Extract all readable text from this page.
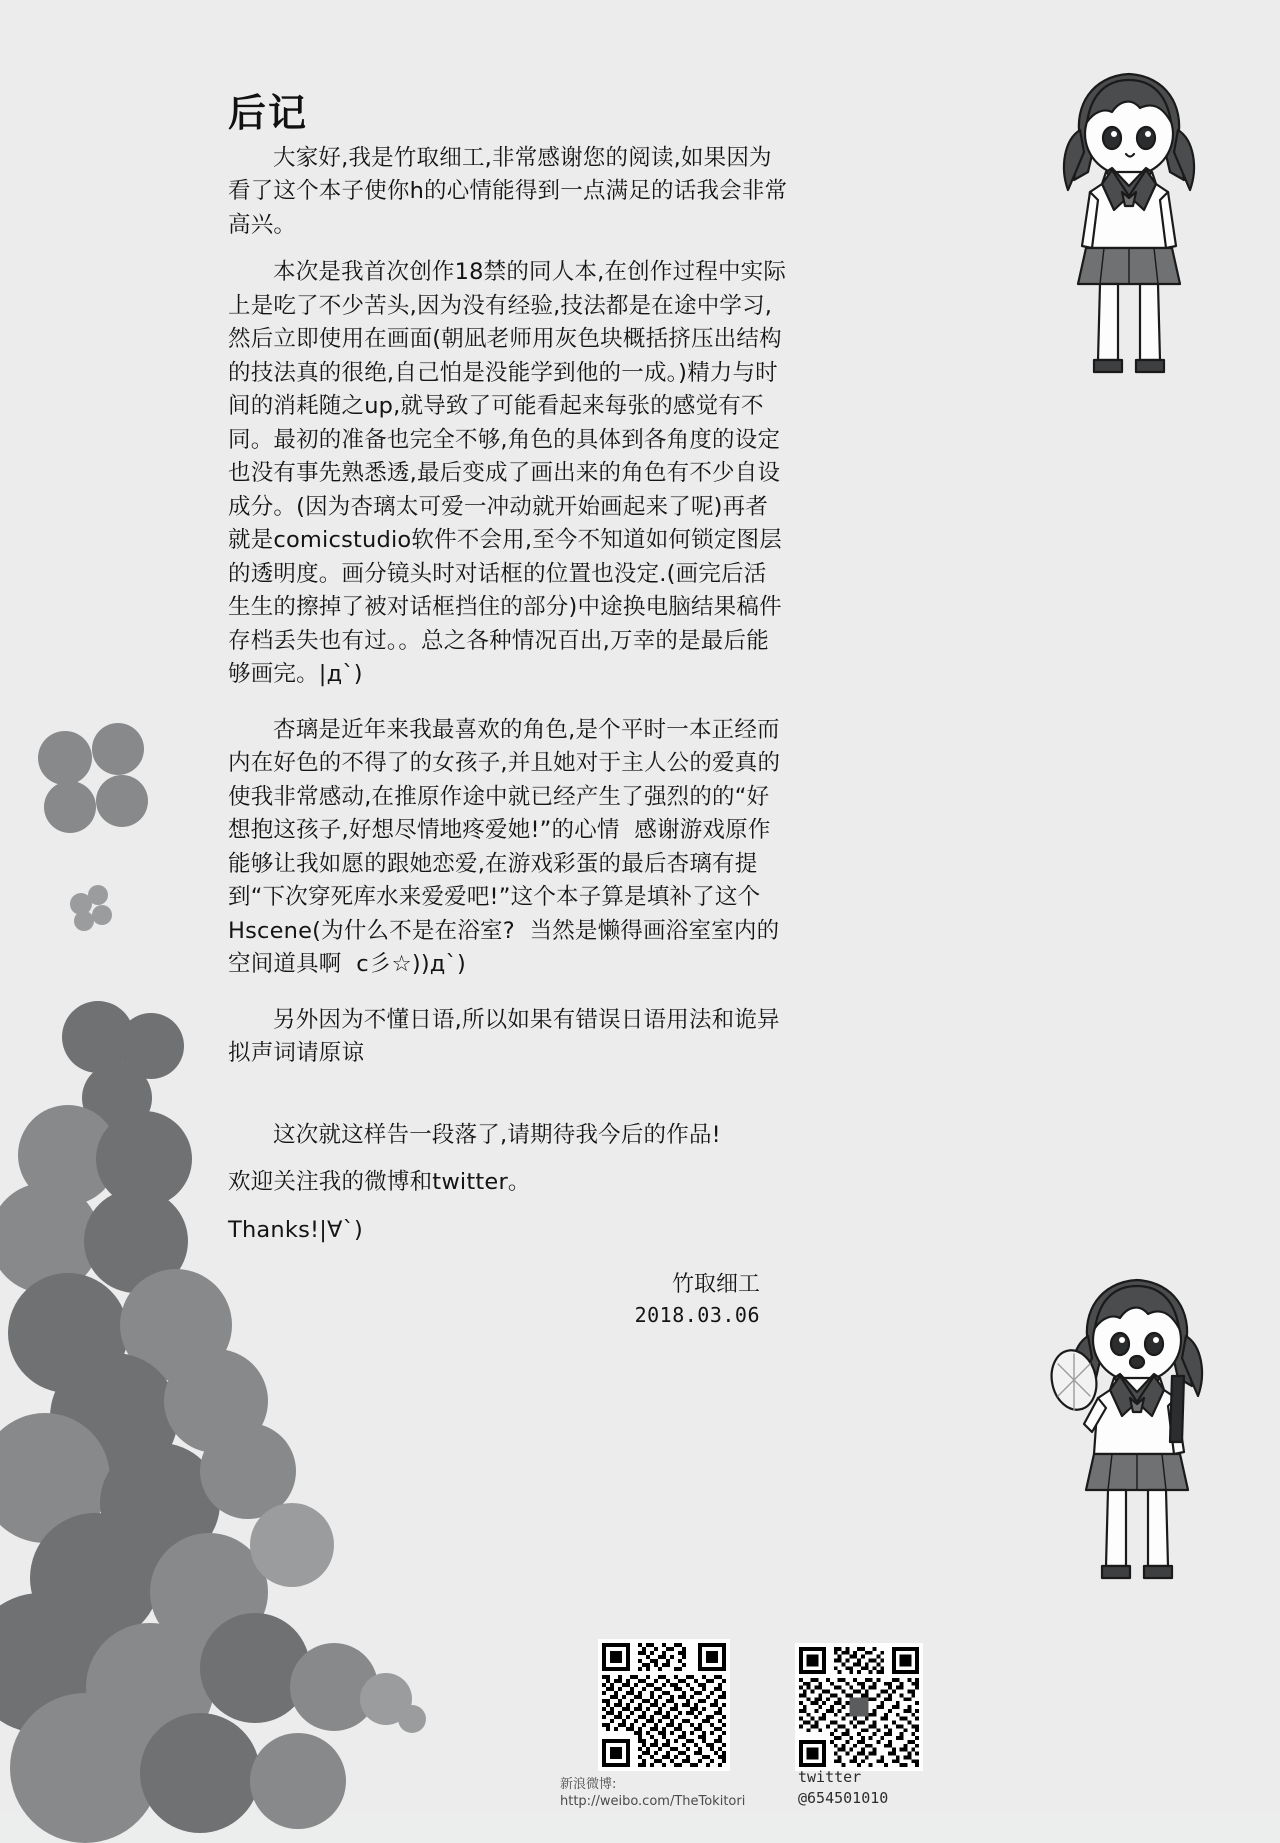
后记

大家好,我是竹取细工,非常感谢您的阅读,如果因为看了这个本子使你h的心情能得到一点满足的话我会非常高兴。

本次是我首次创作18禁的同人本,在创作过程中实际上是吃了不少苦头,因为没有经验,技法都是在途中学习,然后立即使用在画面(朝凪老师用灰色块概括挤压出结构的技法真的很绝,自己怕是没能学到他的一成。)精力与时间的消耗随之up,就导致了可能看起来每张的感觉有不同。最初的准备也完全不够,角色的具体到各角度的设定也没有事先熟悉透,最后变成了画出来的角色有不少自设成分。(因为杏璃太可爱一冲动就开始画起来了呢)再者就是comicstudio软件不会用,至今不知道如何锁定图层的透明度。画分镜头时对话框的位置也没定.(画完后活生生的擦掉了被对话框挡住的部分)中途换电脑结果稿件存档丢失也有过。。总之各种情况百出,万幸的是最后能够画完。|д`)

杏璃是近年来我最喜欢的角色,是个平时一本正经而内在好色的不得了的女孩子,并且她对于主人公的爱真的使我非常感动,在推原作途中就已经产生了强烈的的“好想抱这孩子,好想尽情地疼爱她!”的心情  感谢游戏原作能够让我如愿的跟她恋爱,在游戏彩蛋的最后杏璃有提到“下次穿死库水来爱爱吧!”这个本子算是填补了这个Hscene(为什么不是在浴室?  当然是懒得画浴室室内的空间道具啊  c彡☆))д`)

另外因为不懂日语,所以如果有错误日语用法和诡异拟声词请原谅

这次就这样告一段落了,请期待我今后的作品!

欢迎关注我的微博和twitter。

Thanks!|∀`)

竹取细工
2018.03.06
新浪微博:
http://weibo.com/TheTokitori
twitter
@654501010
